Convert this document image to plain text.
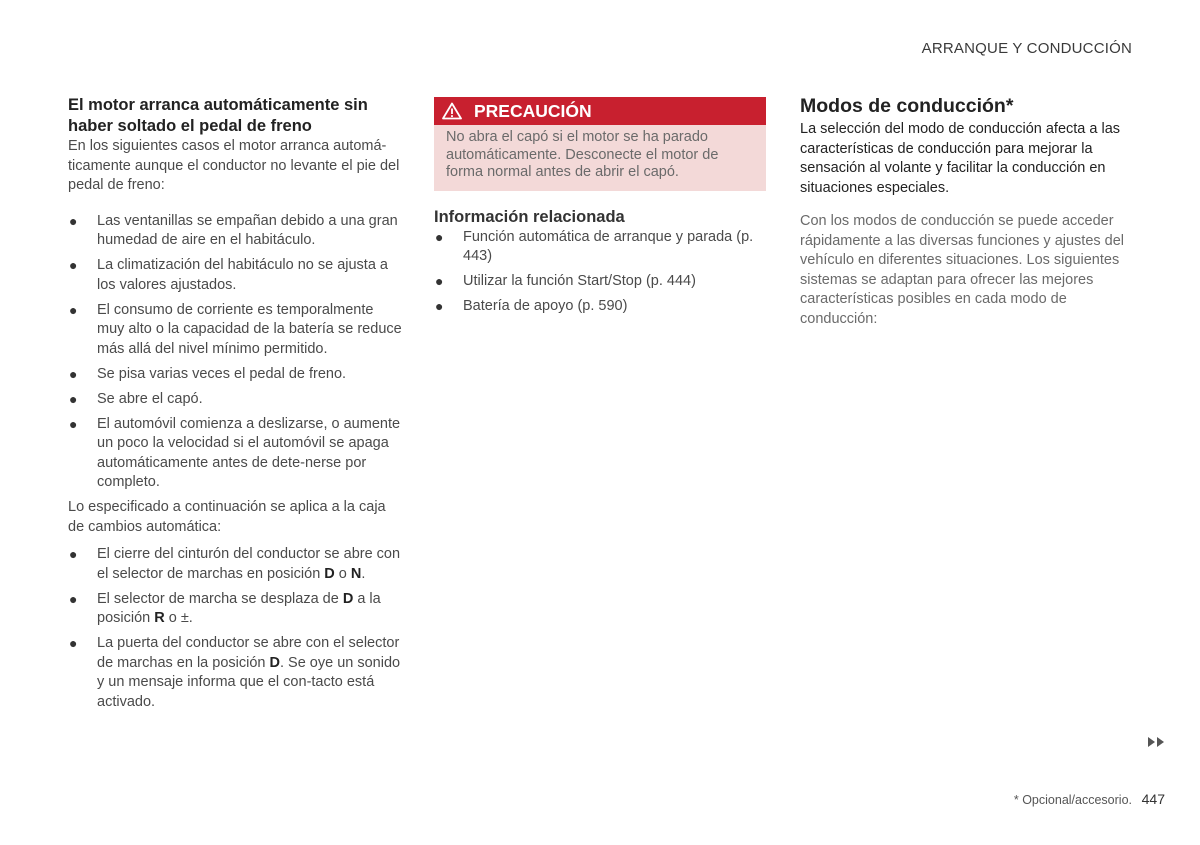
ARRANQUE Y CONDUCCIÓN
El motor arranca automáticamente sin haber soltado el pedal de freno

En los siguientes casos el motor arranca automá-ticamente aunque el conductor no levante el pie del pedal de freno:

● Las ventanillas se empañan debido a una gran humedad de aire en el habitáculo.
● La climatización del habitáculo no se ajusta a los valores ajustados.
● El consumo de corriente es temporalmente muy alto o la capacidad de la batería se reduce más allá del nivel mínimo permitido.
● Se pisa varias veces el pedal de freno.
● Se abre el capó.
● El automóvil comienza a deslizarse, o aumente un poco la velocidad si el automóvil se apaga automáticamente antes de dete-nerse por completo.

Lo especificado a continuación se aplica a la caja de cambios automática:

● El cierre del cinturón del conductor se abre con el selector de marchas en posición D o N.
● El selector de marcha se desplaza de D a la posición R o ±.
● La puerta del conductor se abre con el selector de marchas en la posición D. Se oye un sonido y un mensaje informa que el con-tacto está activado.
PRECAUCIÓN

No abra el capó si el motor se ha parado automáticamente. Desconecte el motor de forma normal antes de abrir el capó.

Información relacionada
● Función automática de arranque y parada (p. 443)
● Utilizar la función Start/Stop (p. 444)
● Batería de apoyo (p. 590)
Modos de conducción*

La selección del modo de conducción afecta a las características de conducción para mejorar la sensación al volante y facilitar la conducción en situaciones especiales.

Con los modos de conducción se puede acceder rápidamente a las diversas funciones y ajustes del vehículo en diferentes situaciones. Los siguientes sistemas se adaptan para ofrecer las mejores características posibles en cada modo de conducción:

* Opcional/accesorio. 447
